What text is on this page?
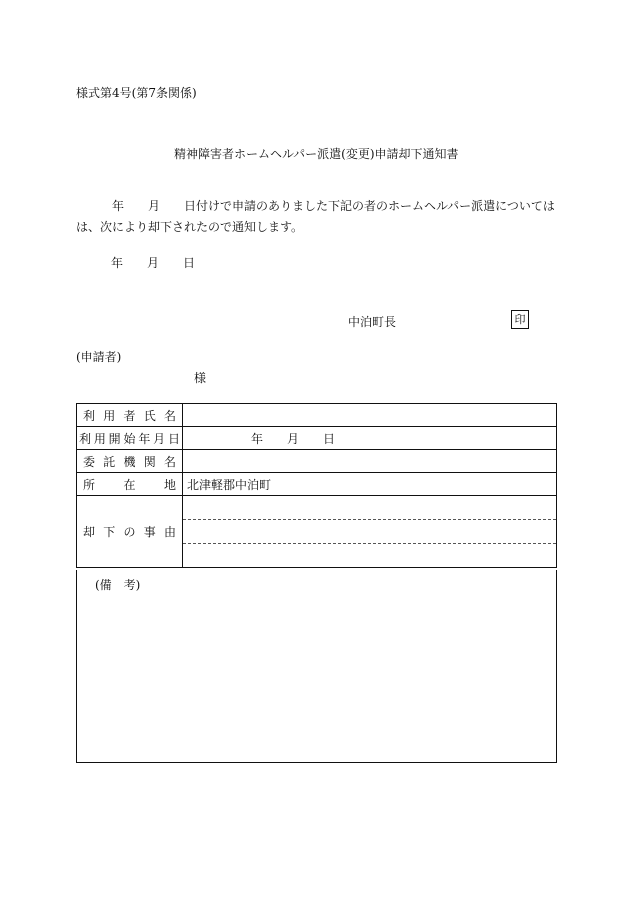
様式第4号(第7条関係)
精神障害者ホームヘルパー派遣(変更)申請却下通知書
　　　年　　月　　日付けで申請のありました下記の者のホームヘルパー派遣については
は、次により却下されたので通知します。
年　　月　　日
中泊町長	印
(申請者)
様
利用者氏名	
利用開始年月日	年　　月　　日
委託機関名	
所在地	北津軽郡中泊町
却下の事由	
(備　考)
